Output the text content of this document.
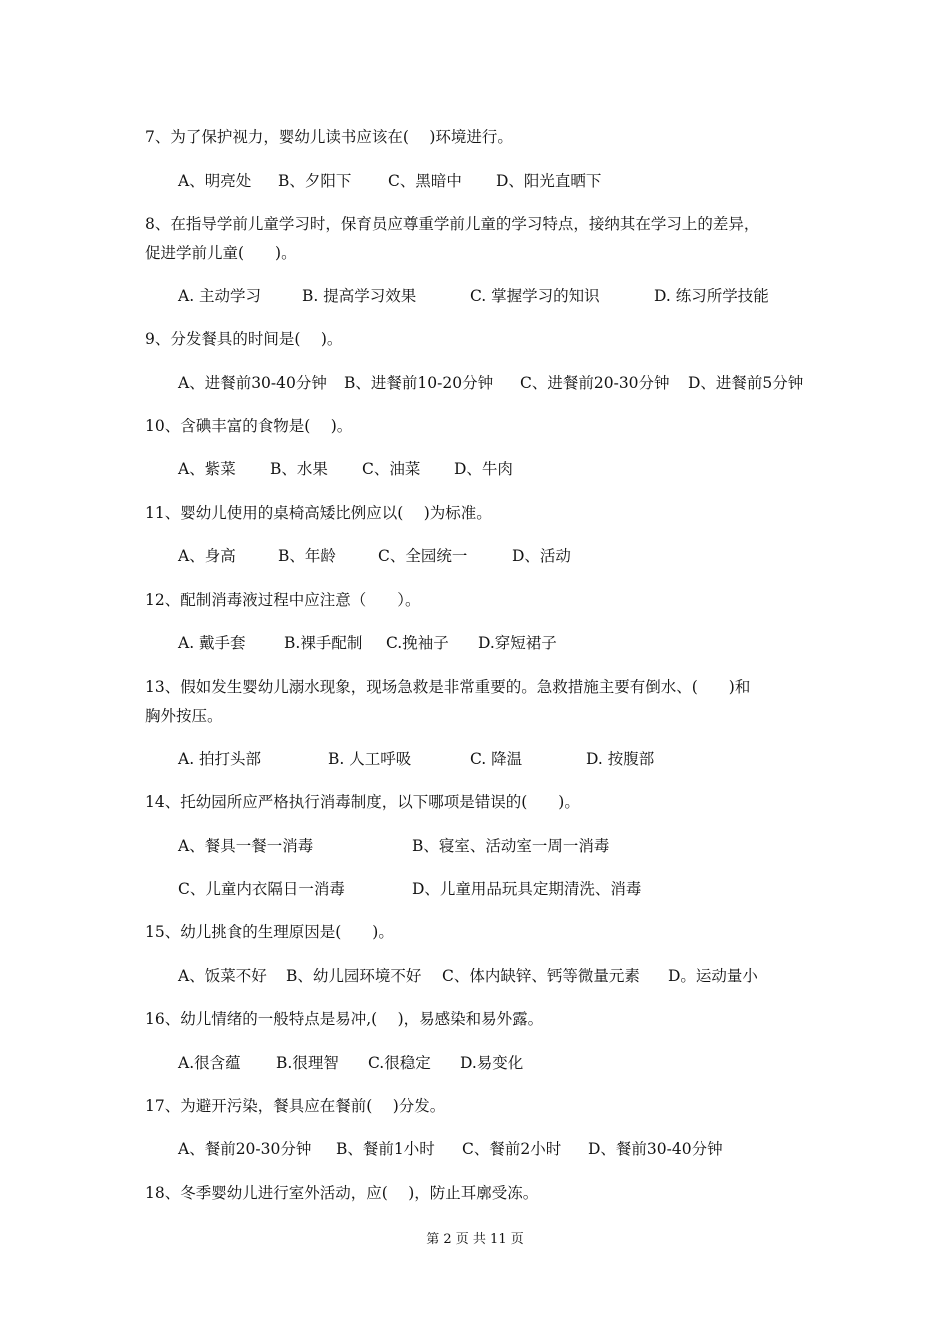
7、为了保护视力，婴幼儿读书应该在(　 )环境进行。
A、明亮处	B、夕阳下	C、黑暗中	D、阳光直晒下
8、在指导学前儿童学习时，保育员应尊重学前儿童的学习特点，接纳其在学习上的差异，
促进学前儿童(　　)。
A. 主动学习	B. 提高学习效果	C. 掌握学习的知识	D. 练习所学技能
9、分发餐具的时间是(　 )。
A、进餐前30-40分钟	B、进餐前10-20分钟	C、进餐前20-30分钟	D、进餐前5分钟
10、含碘丰富的食物是(　 )。
A、紫菜	B、水果	C、油菜	D、牛肉
11、婴幼儿使用的桌椅高矮比例应以(　 )为标准。
A、身高	B、年龄	C、全园统一	D、活动
12、配制消毒液过程中应注意（　　）。
A. 戴手套	B.裸手配制	C.挽袖子	D.穿短裙子
13、假如发生婴幼儿溺水现象，现场急救是非常重要的。急救措施主要有倒水、(　　)和
胸外按压。
A. 拍打头部	B. 人工呼吸	C. 降温	D. 按腹部
14、托幼园所应严格执行消毒制度，以下哪项是错误的(　　)。
A、餐具一餐一消毒	B、寝室、活动室一周一消毒
C、儿童内衣隔日一消毒	D、儿童用品玩具定期清洗、消毒
15、幼儿挑食的生理原因是(　　)。
A、饭菜不好	B、幼儿园环境不好	C、体内缺锌、钙等微量元素	D。运动量小
16、幼儿情绪的一般特点是易冲,(　 )，易感染和易外露。
A.很含蕴	B.很理智	C.很稳定	D.易变化
17、为避开污染，餐具应在餐前(　 )分发。
A、餐前20-30分钟	B、餐前1小时	C、餐前2小时	D、餐前30-40分钟
18、冬季婴幼儿进行室外活动，应(　 )，防止耳廓受冻。
第 2 页 共 11 页
